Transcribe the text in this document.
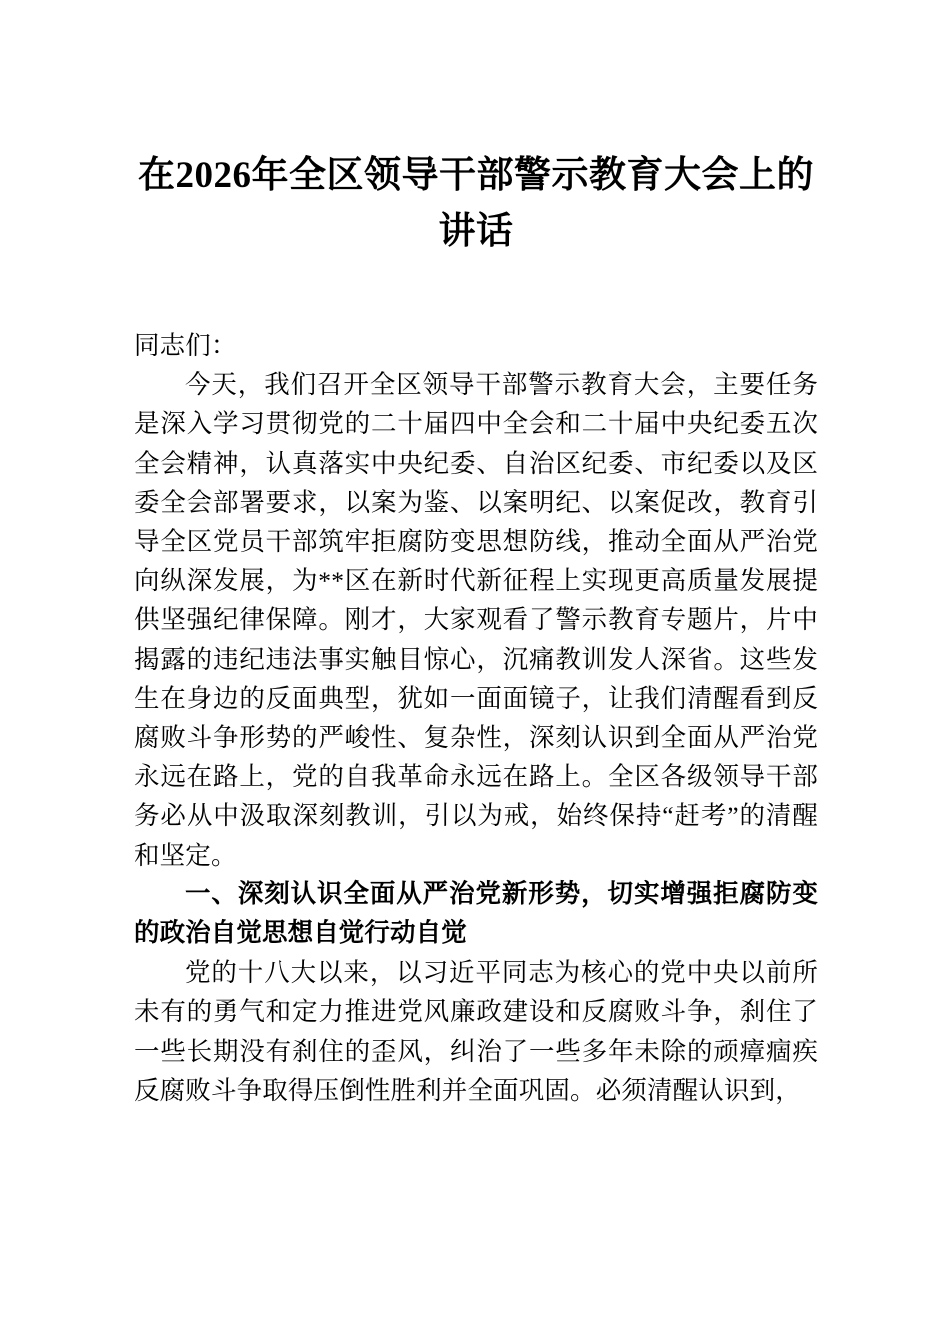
在2026年全区领导干部警示教育大会上的
讲话

同志们：

今天，我们召开全区领导干部警示教育大会，主要任务是深入学习贯彻党的二十届四中全会和二十届中央纪委五次全会精神，认真落实中央纪委、自治区纪委、市纪委以及区委全会部署要求，以案为鉴、以案明纪、以案促改，教育引导全区党员干部筑牢拒腐防变思想防线，推动全面从严治党向纵深发展，为**区在新时代新征程上实现更高质量发展提供坚强纪律保障。刚才，大家观看了警示教育专题片，片中揭露的违纪违法事实触目惊心，沉痛教训发人深省。这些发生在身边的反面典型，犹如一面面镜子，让我们清醒看到反腐败斗争形势的严峻性、复杂性，深刻认识到全面从严治党永远在路上，党的自我革命永远在路上。全区各级领导干部务必从中汲取深刻教训，引以为戒，始终保持“赶考”的清醒和坚定。

一、深刻认识全面从严治党新形势，切实增强拒腐防变的政治自觉思想自觉行动自觉

党的十八大以来，以习近平同志为核心的党中央以前所未有的勇气和定力推进党风廉政建设和反腐败斗争，刹住了一些长期没有刹住的歪风，纠治了一些多年未除的顽瘴痼疾反腐败斗争取得压倒性胜利并全面巩固。必须清醒认识到，
